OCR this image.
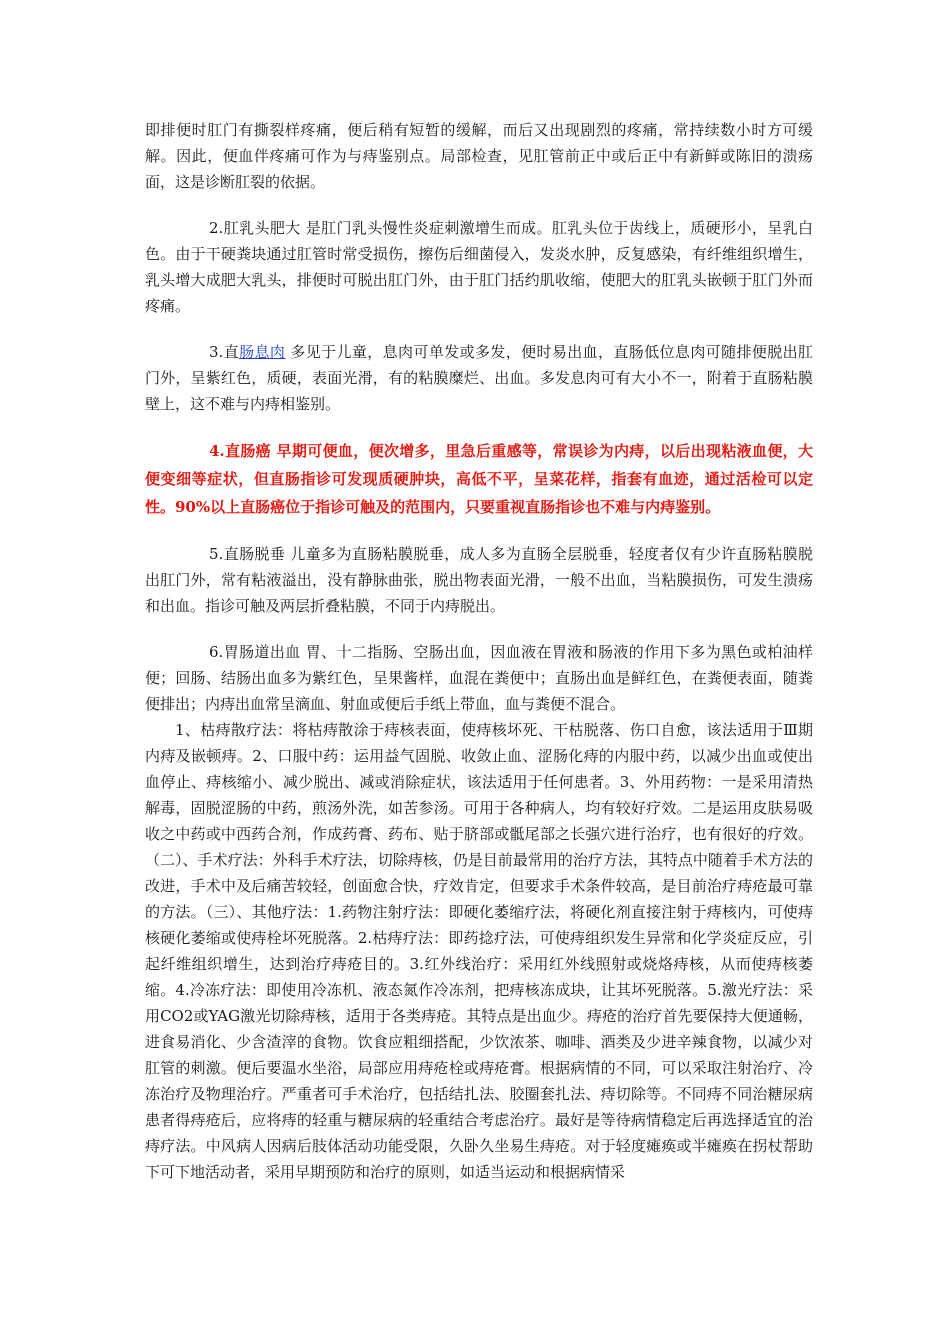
即排便时肛门有撕裂样疼痛，便后稍有短暂的缓解，而后又出现剧烈的疼痛，常持续数小时方可缓解。因此，便血伴疼痛可作为与痔鉴别点。局部检查，见肛管前正中或后正中有新鲜或陈旧的溃疡面，这是诊断肛裂的依据。

2.肛乳头肥大 是肛门乳头慢性炎症刺激增生而成。肛乳头位于齿线上，质硬形小，呈乳白色。由于干硬粪块通过肛管时常受损伤，擦伤后细菌侵入，发炎水肿，反复感染，有纤维组织增生，乳头增大成肥大乳头，排便时可脱出肛门外，由于肛门括约肌收缩，使肥大的肛乳头嵌顿于肛门外而疼痛。

3.直肠息肉 多见于儿童，息肉可单发或多发，便时易出血，直肠低位息肉可随排便脱出肛门外，呈紫红色，质硬，表面光滑，有的粘膜糜烂、出血。多发息肉可有大小不一，附着于直肠粘膜壁上，这不难与内痔相鉴别。

4.直肠癌 早期可便血，便次增多，里急后重感等，常误诊为内痔，以后出现粘液血便，大便变细等症状，但直肠指诊可发现质硬肿块，高低不平，呈菜花样，指套有血迹，通过活检可以定性。90%以上直肠癌位于指诊可触及的范围内，只要重视直肠指诊也不难与内痔鉴别。

5.直肠脱垂 儿童多为直肠粘膜脱垂，成人多为直肠全层脱垂，轻度者仅有少许直肠粘膜脱出肛门外，常有粘液溢出，没有静脉曲张，脱出物表面光滑，一般不出血，当粘膜损伤，可发生溃疡和出血。指诊可触及两层折叠粘膜，不同于内痔脱出。

6.胃肠道出血 胃、十二指肠、空肠出血，因血液在胃液和肠液的作用下多为黑色或柏油样便；回肠、结肠出血多为紫红色，呈果酱样，血混在粪便中；直肠出血是鲜红色，在粪便表面，随粪便排出；内痔出血常呈滴血、射血或便后手纸上带血，血与粪便不混合。

1、枯痔散疗法：将枯痔散涂于痔核表面，使痔核坏死、干枯脱落、伤口自愈，该法适用于Ⅲ期内痔及嵌顿痔。2、口服中药：运用益气固脱、收敛止血、涩肠化痔的内服中药，以减少出血或使出血停止、痔核缩小、减少脱出、减或消除症状，该法适用于任何患者。3、外用药物：一是采用清热解毒，固脱涩肠的中药，煎汤外洗，如苦参汤。可用于各种病人，均有较好疗效。二是运用皮肤易吸收之中药或中西药合剂，作成药膏、药布、贴于脐部或骶尾部之长强穴进行治疗，也有很好的疗效。（二）、手术疗法：外科手术疗法，切除痔核，仍是目前最常用的治疗方法，其特点中随着手术方法的改进，手术中及后痛苦较轻，创面愈合快，疗效肯定，但要求手术条件较高，是目前治疗痔疮最可靠的方法。（三）、其他疗法：1.药物注射疗法：即硬化萎缩疗法，将硬化剂直接注射于痔核内，可使痔核硬化萎缩或使痔栓坏死脱落。2.枯痔疗法：即药捻疗法，可使痔组织发生异常和化学炎症反应，引起纤维组织增生，达到治疗痔疮目的。3.红外线治疗：采用红外线照射或烧烙痔核，从而使痔核萎缩。4.冷冻疗法：即使用冷冻机、液态氮作冷冻剂，把痔核冻成块，让其坏死脱落。5.激光疗法：采用CO2或YAG激光切除痔核，适用于各类痔疮。其特点是出血少。痔疮的治疗首先要保持大便通畅，进食易消化、少含渣滓的食物。饮食应粗细搭配，少饮浓茶、咖啡、酒类及少进辛辣食物，以减少对肛管的刺激。便后要温水坐浴，局部应用痔疮栓或痔疮膏。根据病情的不同，可以采取注射治疗、冷冻治疗及物理治疗。严重者可手术治疗，包括结扎法、胶圈套扎法、痔切除等。不同痔不同治糖尿病患者得痔疮后，应将痔的轻重与糖尿病的轻重结合考虑治疗。最好是等待病情稳定后再选择适宜的治痔疗法。中风病人因病后肢体活动功能受限，久卧久坐易生痔疮。对于轻度瘫痪或半瘫痪在拐杖帮助下可下地活动者，采用早期预防和治疗的原则，如适当运动和根据病情采
